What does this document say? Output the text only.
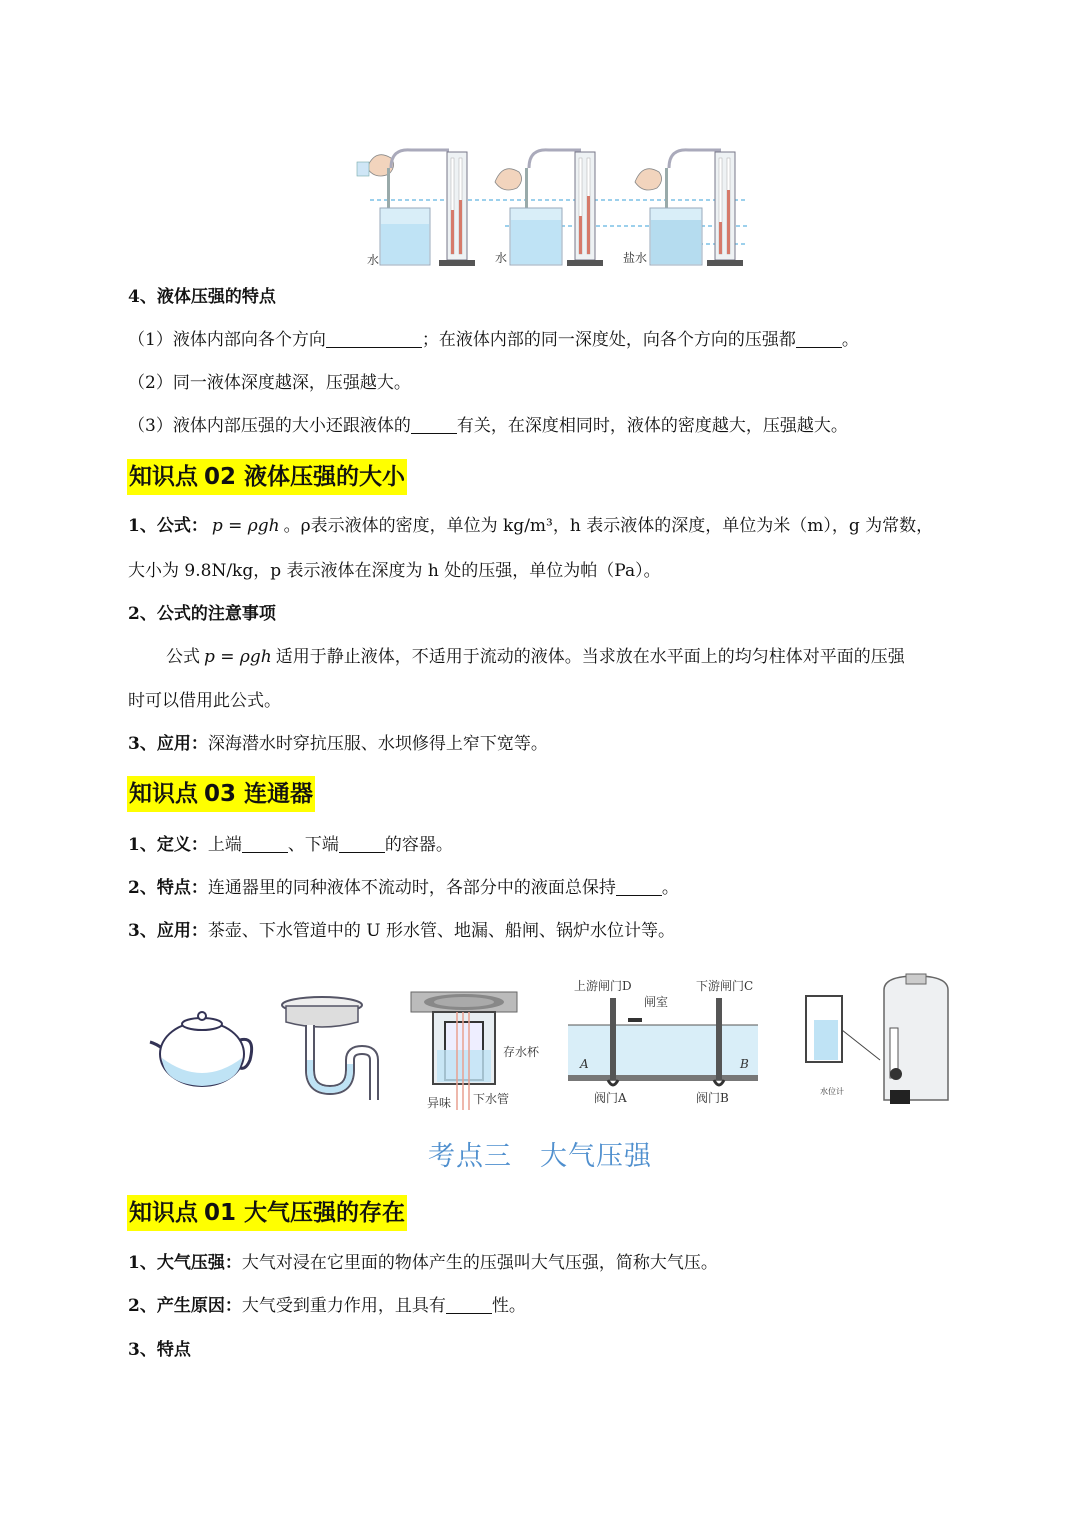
水	水	盐水
4、液体压强的特点
（1）液体内部向各个方向	；在液体内部的同一深度处，向各个方向的压强都	。
（2）同一液体深度越深，压强越大。
（3）液体内部压强的大小还跟液体的	有关，在深度相同时，液体的密度越大，压强越大。
知识点 02 液体压强的大小
1、公式： p = ρgh 。ρ表示液体的密度，单位为 kg/m³，h 表示液体的深度，单位为米（m），g 为常数，
大小为 9.8N/kg，p 表示液体在深度为 h 处的压强，单位为帕（Pa）。
2、公式的注意事项
公式 p = ρgh 适用于静止液体，不适用于流动的液体。当求放在水平面上的均匀柱体对平面的压强
时可以借用此公式。
3、应用：深海潜水时穿抗压服、水坝修得上窄下宽等。
知识点 03 连通器
1、定义：上端	、下端	的容器。
2、特点：连通器里的同种液体不流动时，各部分中的液面总保持	。
3、应用：茶壶、下水管道中的 U 形水管、地漏、船闸、锅炉水位计等。
存水杯
异味 下水管
上游闸门D	下游闸门C
闸室
A	B
阀门A	阀门B	水位计
考点三 大气压强
知识点 01 大气压强的存在
1、大气压强：大气对浸在它里面的物体产生的压强叫大气压强，简称大气压。
2、产生原因：大气受到重力作用，且具有	性。
3、特点
